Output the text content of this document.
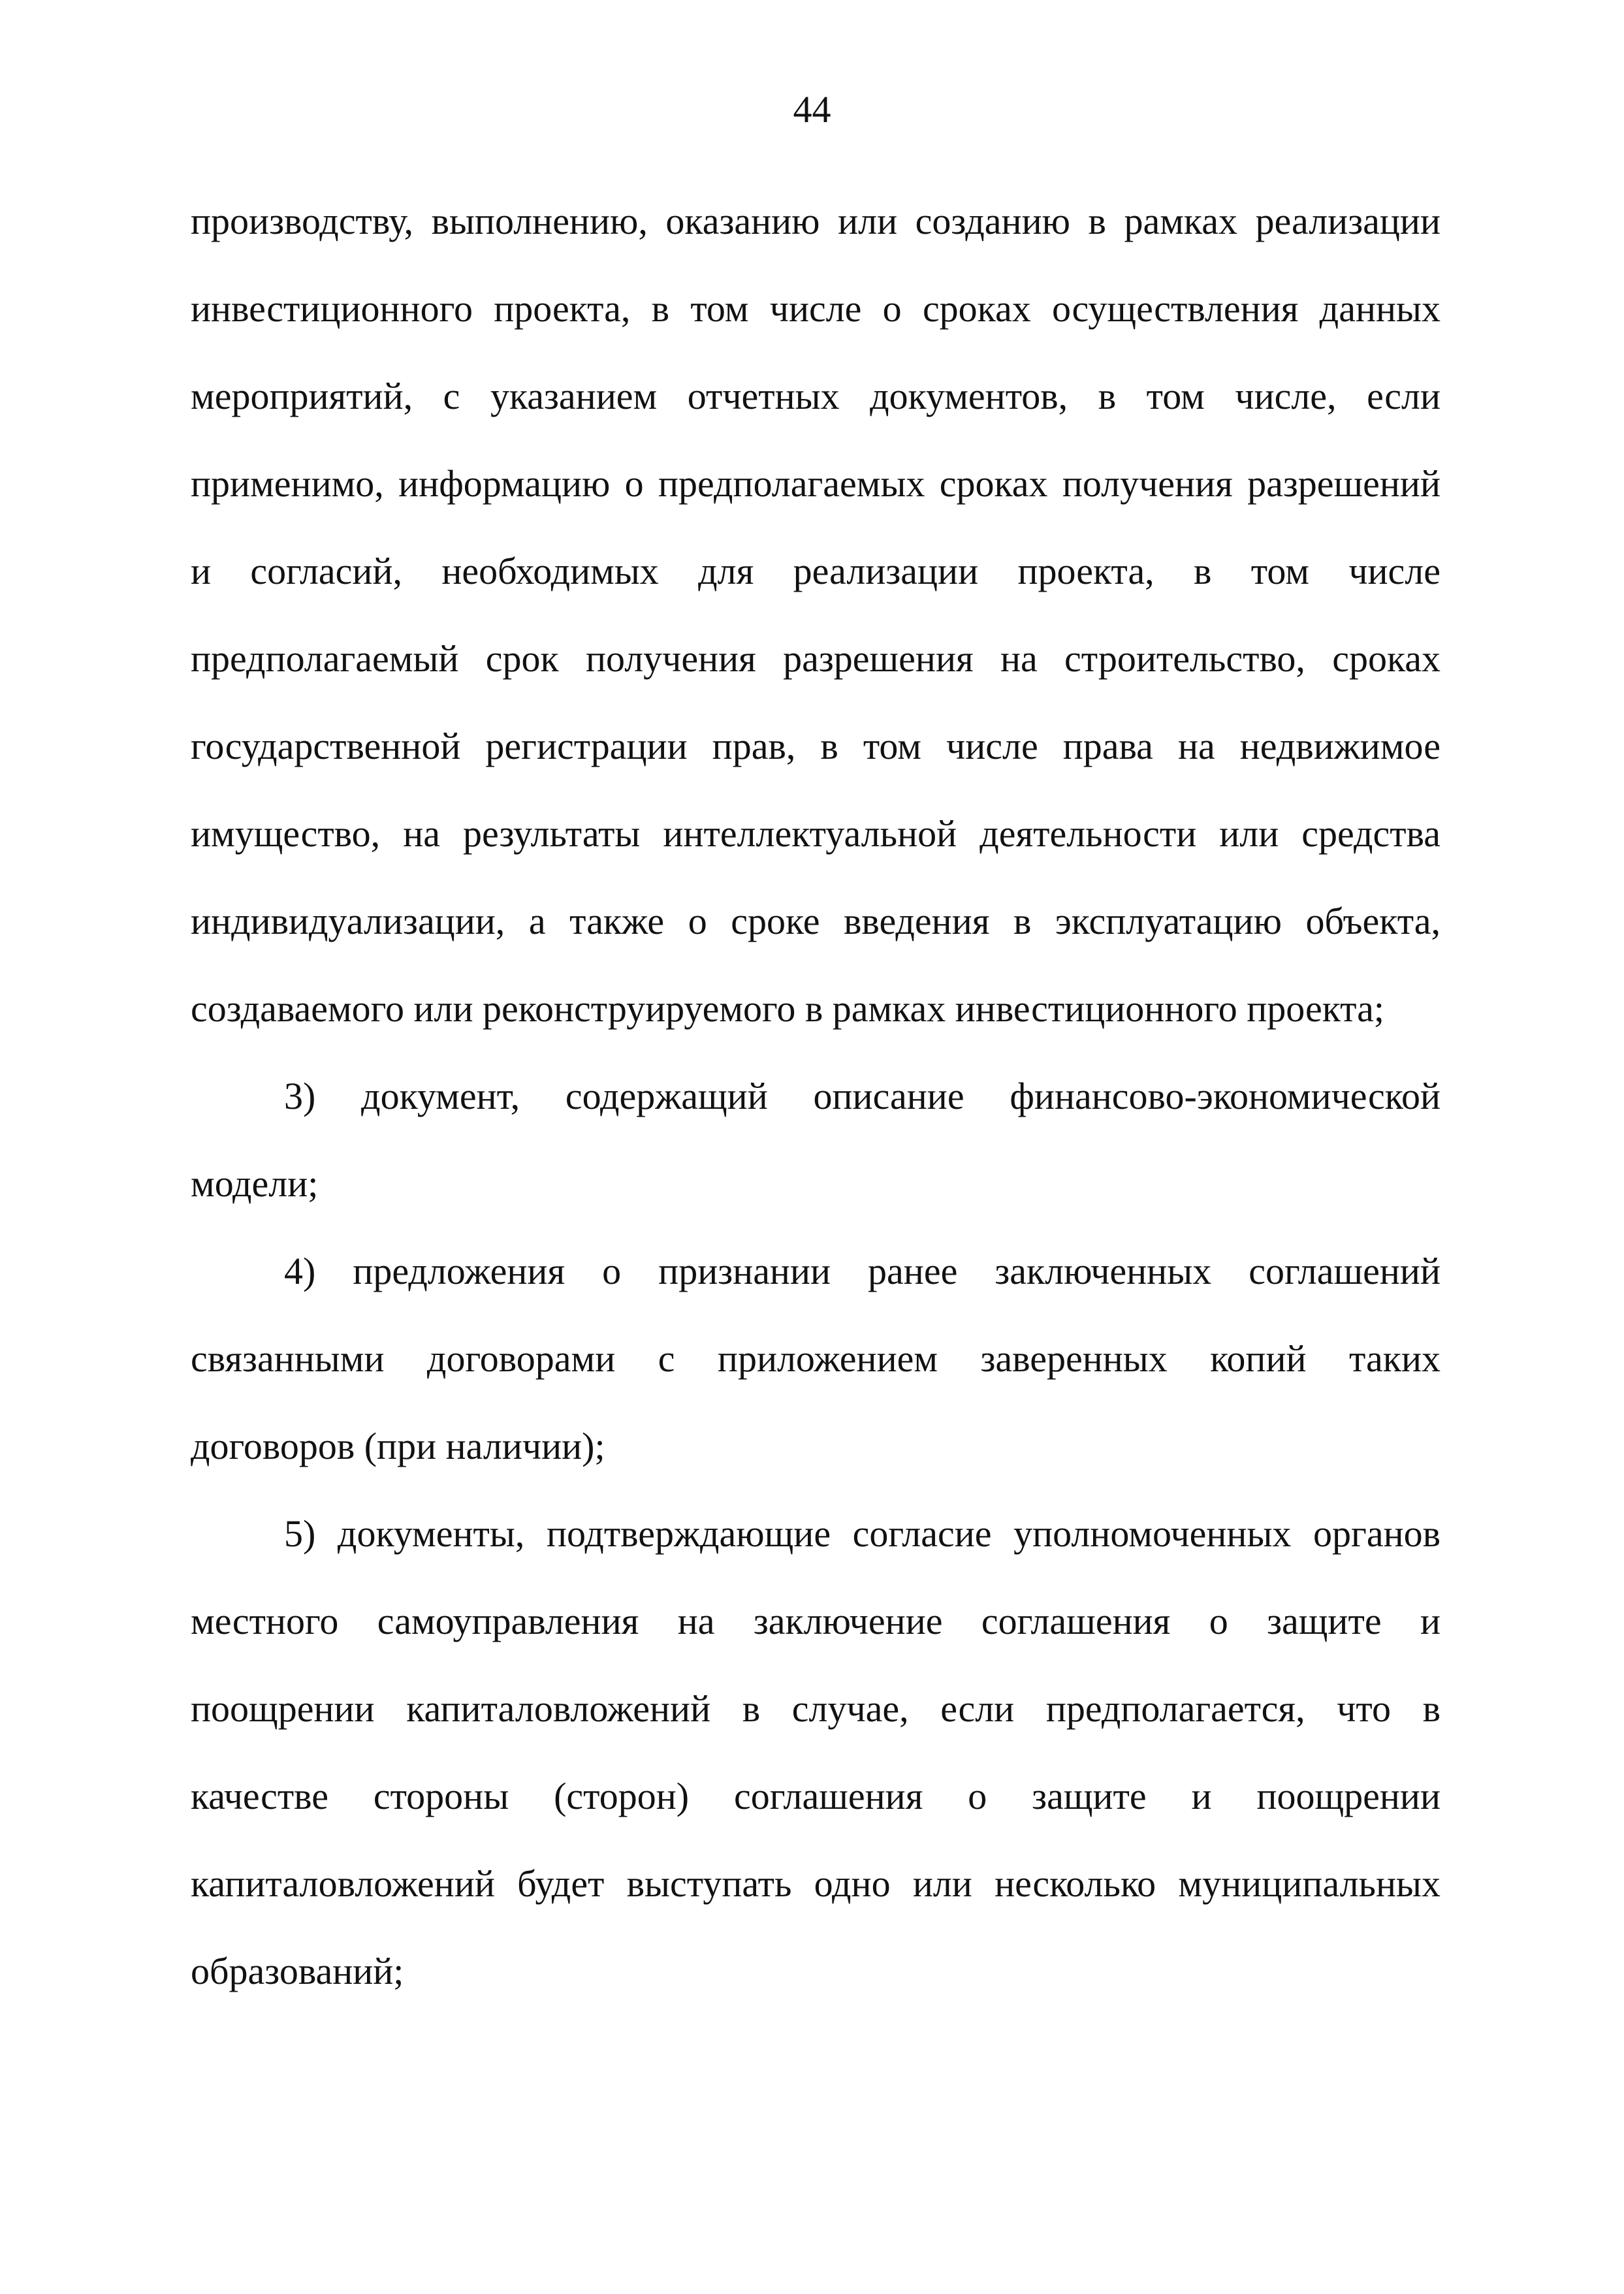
44
производству, выполнению, оказанию или созданию в рамках реализации
инвестиционного проекта, в том числе о сроках осуществления данных
мероприятий, с указанием отчетных документов, в том числе, если
применимо, информацию о предполагаемых сроках получения разрешений
и согласий, необходимых для реализации проекта, в том числе
предполагаемый срок получения разрешения на строительство, сроках
государственной регистрации прав, в том числе права на недвижимое
имущество, на результаты интеллектуальной деятельности или средства
индивидуализации, а также о сроке введения в эксплуатацию объекта,
создаваемого или реконструируемого в рамках инвестиционного проекта;
3) документ, содержащий описание финансово-экономической
модели;
4) предложения о признании ранее заключенных соглашений
связанными договорами с приложением заверенных копий таких
договоров (при наличии);
5) документы, подтверждающие согласие уполномоченных органов
местного самоуправления на заключение соглашения о защите и
поощрении капиталовложений в случае, если предполагается, что в
качестве стороны (сторон) соглашения о защите и поощрении
капиталовложений будет выступать одно или несколько муниципальных
образований;
